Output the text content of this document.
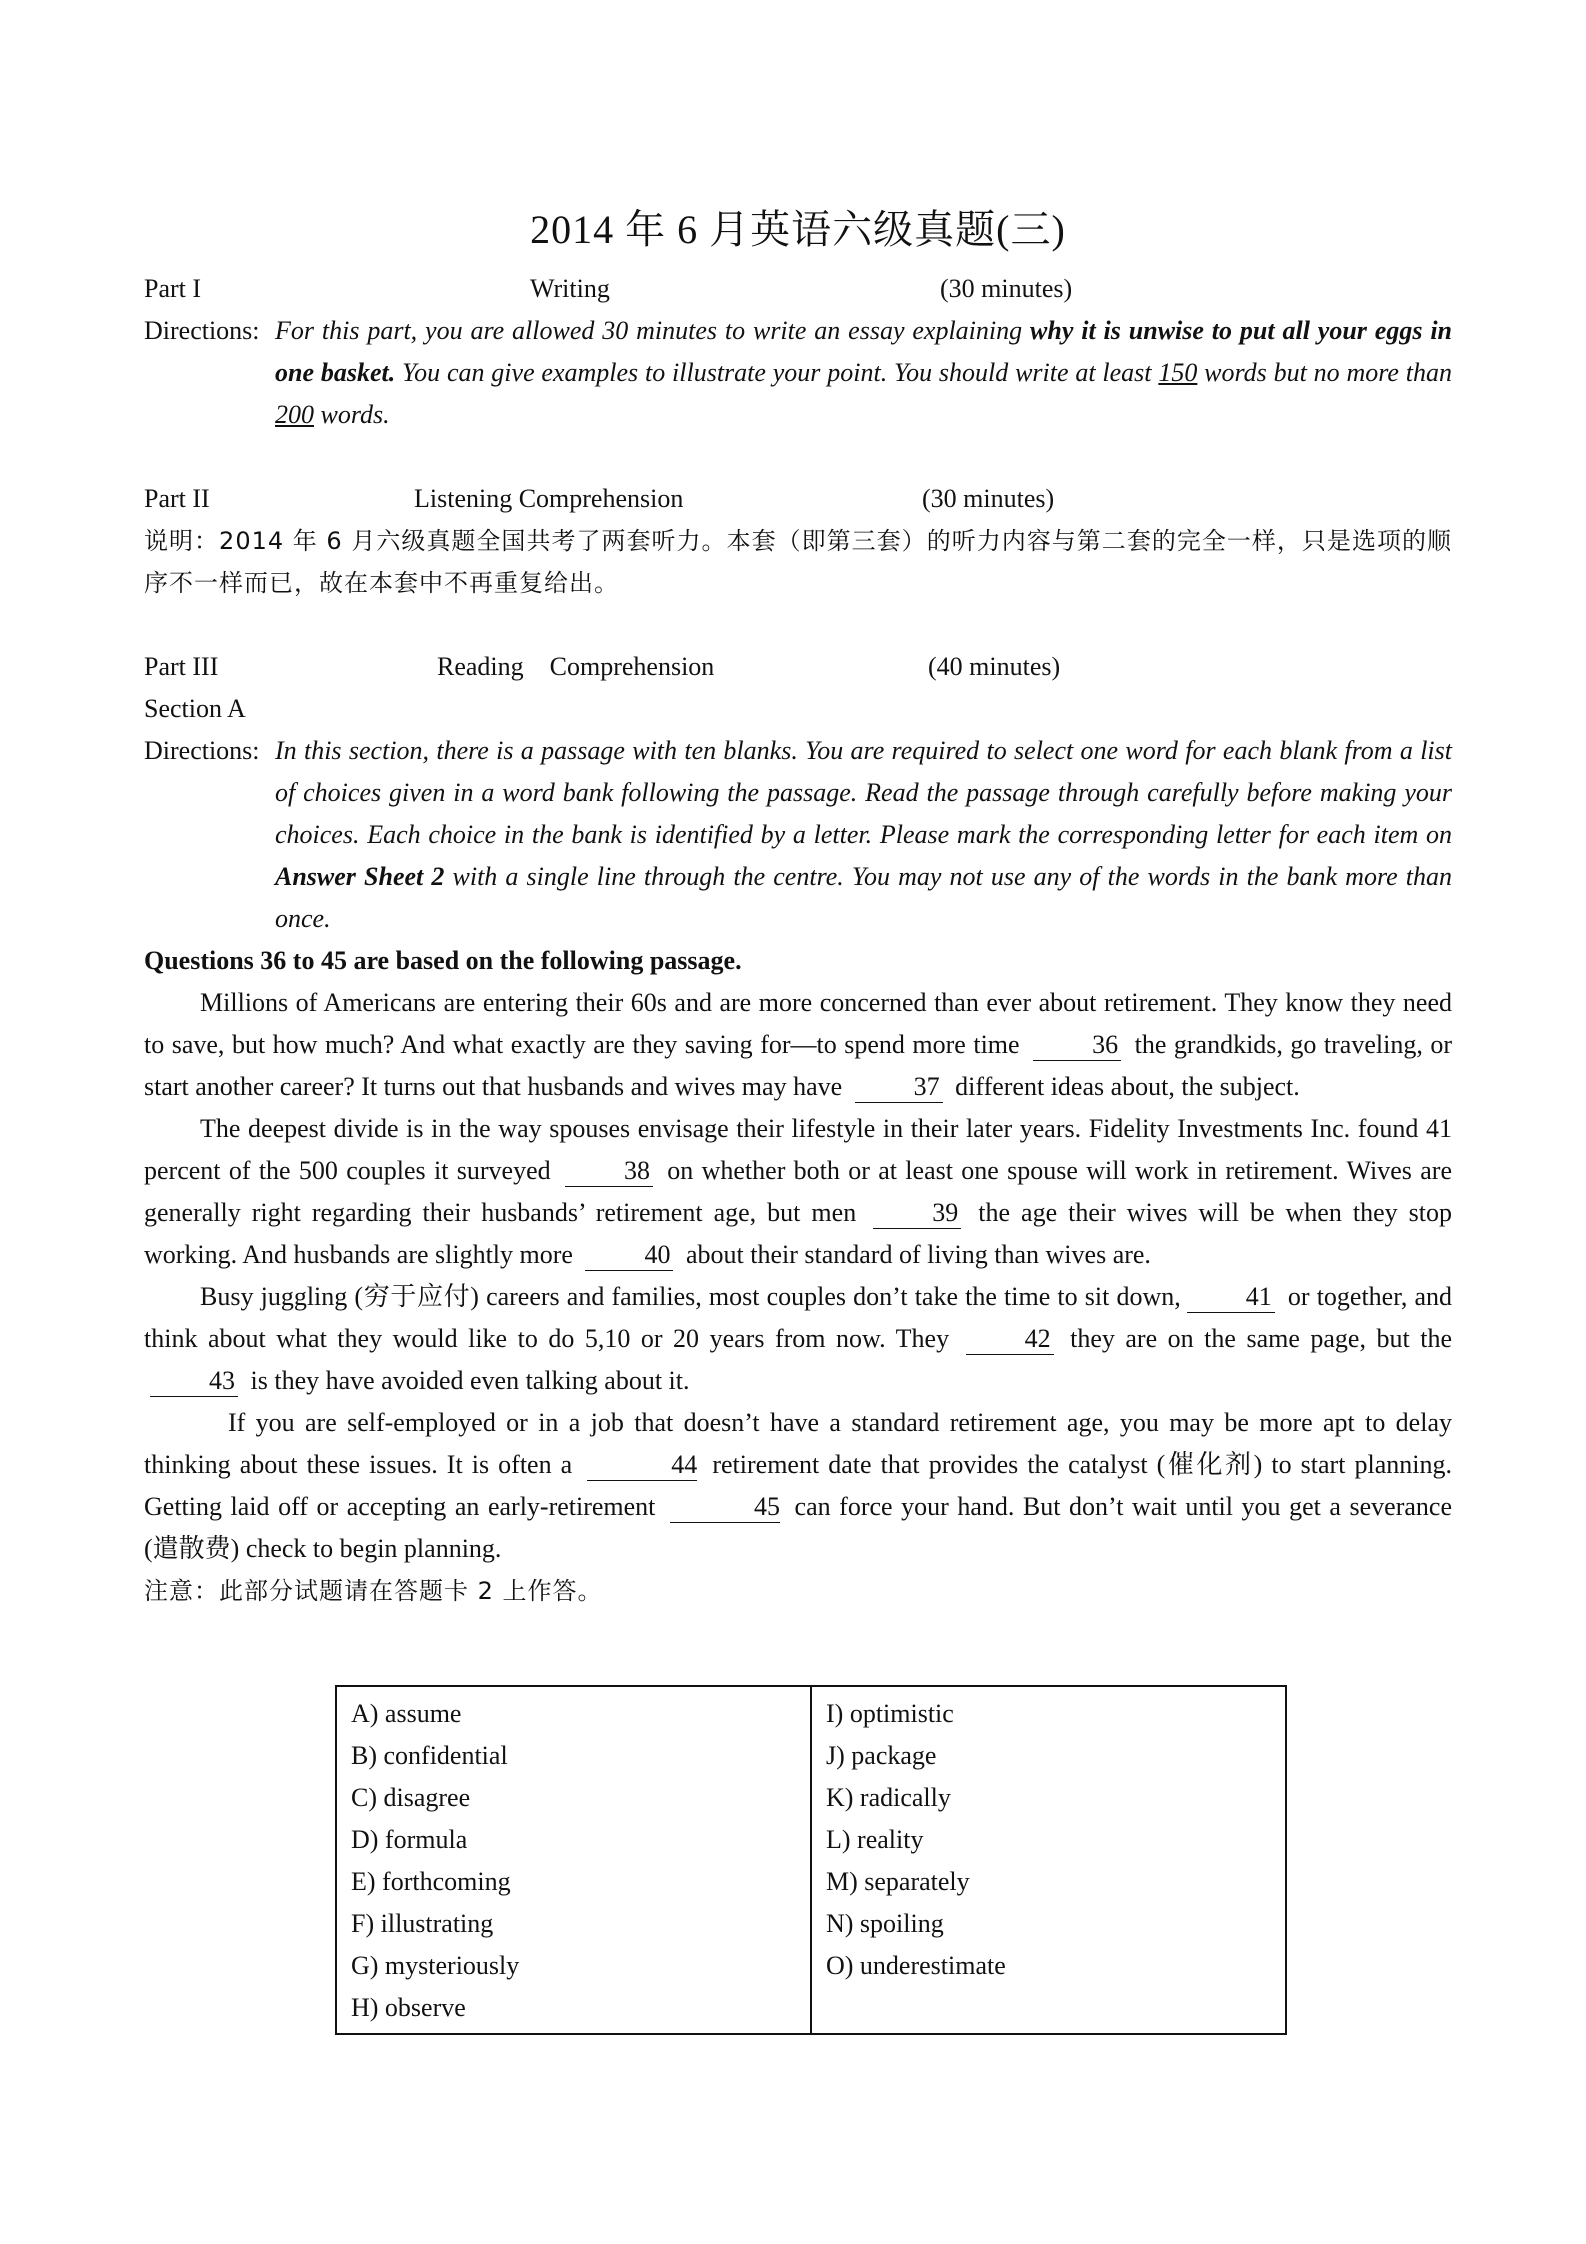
2014 年 6 月英语六级真题(三)
Part I	Writing	(30 minutes)
Directions: For this part, you are allowed 30 minutes to write an essay explaining why it is unwise to put all your eggs in one basket. You can give examples to illustrate your point. You should write at least 150 words but no more than 200 words.
Part II	Listening Comprehension	(30 minutes)

说明：2014 年 6 月六级真题全国共考了两套听力。本套（即第三套）的听力内容与第二套的完全一样，只是选项的顺序不一样而已，故在本套中不再重复给出。

Part III	Reading    Comprehension	(40 minutes)
Section A
Directions: In this section, there is a passage with ten blanks. You are required to select one word for each blank from a list of choices given in a word bank following the passage. Read the passage through carefully before making your choices. Each choice in the bank is identified by a letter. Please mark the corresponding letter for each item on Answer Sheet 2 with a single line through the centre. You may not use any of the words in the bank more than once.
Questions 36 to 45 are based on the following passage.

Millions of Americans are entering their 60s and are more concerned than ever about retirement. They know they need to save, but how much? And what exactly are they saving for—to spend more time	36 the grandkids, go traveling, or start another career? It turns out that husbands and wives may have	37 different ideas about, the subject.

The deepest divide is in the way spouses envisage their lifestyle in their later years. Fidelity Investments Inc. found 41 percent of the 500 couples it surveyed	38 on whether both or at least one spouse will work in retirement. Wives are generally right regarding their husbands’ retirement age, but men	39 the age their wives will be when they stop working. And husbands are slightly more	40 about their standard of living than wives are.

Busy juggling (穷于应付) careers and families, most couples don’t take the time to sit down,	41 or together, and think about what they would like to do 5,10 or 20 years from now. They	42 they are on the same page, but the 43 is they have avoided even talking about it.

If you are self-employed or in a job that doesn’t have a standard retirement age, you may be more apt to delay thinking about these issues. It is often a	44 retirement date that provides the catalyst (催化剂) to start planning. Getting laid off or accepting an early-retirement	45 can force your hand. But don’t wait until you get a severance (遣散费) check to begin planning.

注意：此部分试题请在答题卡 2 上作答。
A) assume
B) confidential
C) disagree
D) formula
E) forthcoming
F) illustrating
G) mysteriously
H) observe

I) optimistic
J) package
K) radically
L) reality
M) separately
N) spoiling
O) underestimate
